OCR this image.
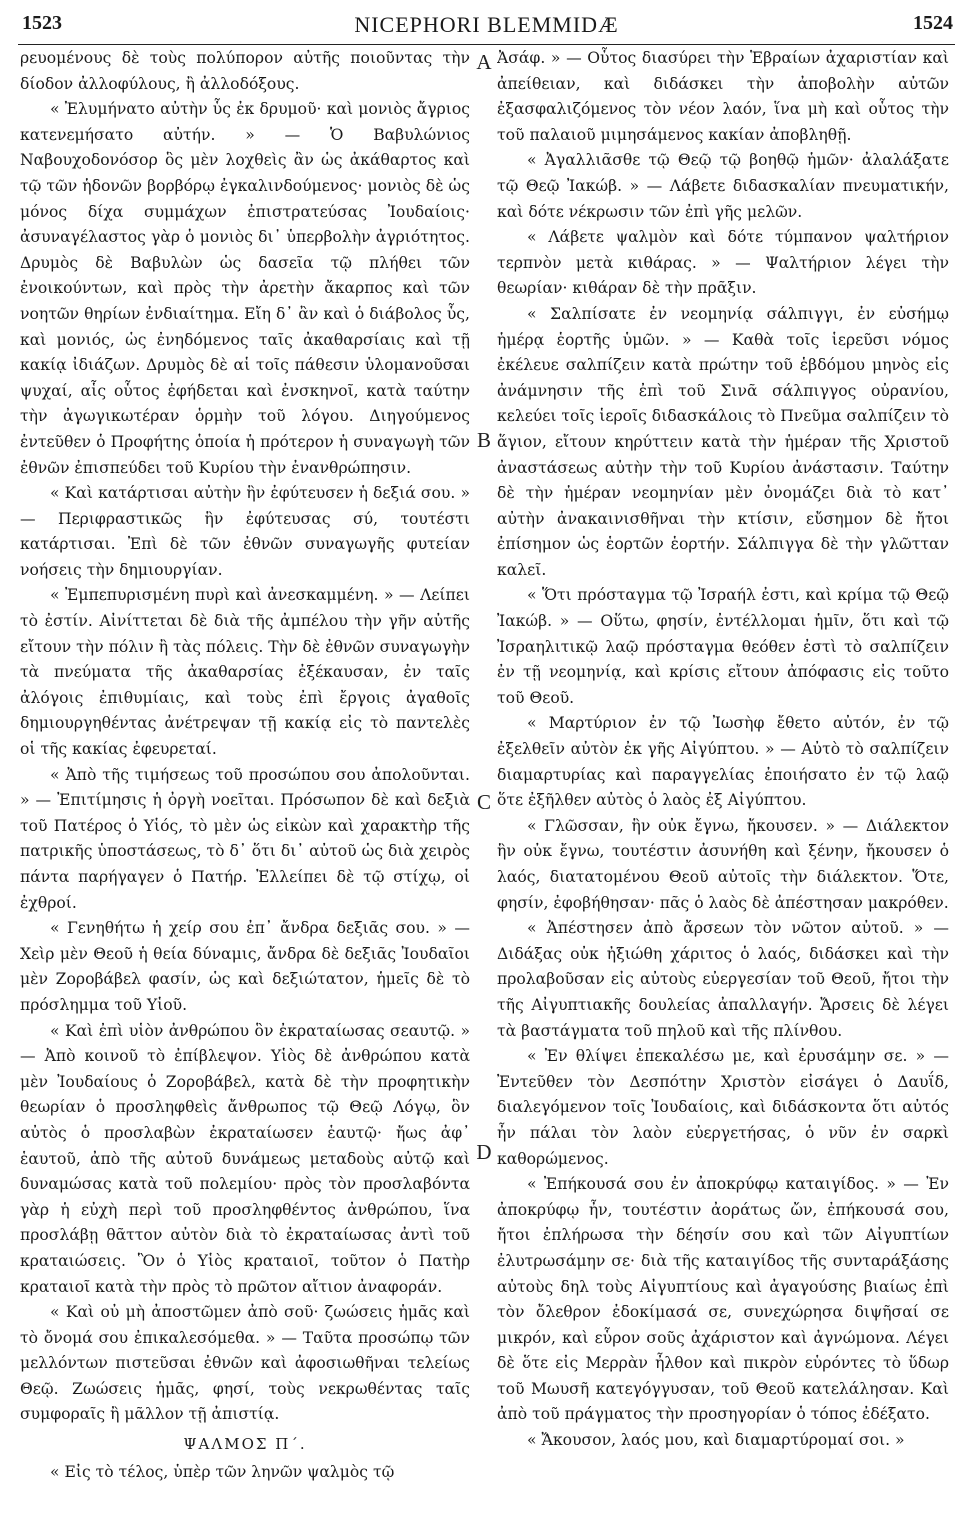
1523	NICEPHORI BLEMMIDÆ	1524

ρευομένους δὲ τοὺς πολύπορον αὐτῆς ποιοῦντας τὴν δίοδον ἀλλοφύλους, ἢ ἀλλοδόξους.

« Ἐλυμήνατο αὐτὴν ὗς ἐκ δρυμοῦ· καὶ μονιὸς ἄγριος κατενεμήσατο αὐτήν. » — Ὁ Βαβυλώνιος Ναβουχοδονόσορ ὃς μὲν λοχθεὶς ἂν ὡς ἀκάθαρτος καὶ τῷ τῶν ἡδονῶν βορβόρῳ ἐγκαλινδούμενος· μονιὸς δὲ ὡς μόνος δίχα συμμάχων ἐπιστρατεύσας Ἰουδαίοις· ἀσυναγέλαστος γὰρ ὁ μονιὸς δι᾿ ὑπερβολὴν ἀγριότητος. Δρυμὸς δὲ Βαβυλὼν ὡς δασεῖα τῷ πλήθει τῶν ἐνοικούντων, καὶ πρὸς τὴν ἀρετὴν ἄκαρπος καὶ τῶν νοητῶν θηρίων ἐνδιαίτημα. Εἴη δ᾿ ἂν καὶ ὁ διάβολος ὗς, καὶ μονιός, ὡς ἐνηδόμενος ταῖς ἀκαθαρσίαις καὶ τῇ κακίᾳ ἰδιάζων. Δρυμὸς δὲ αἱ τοῖς πάθεσιν ὑλομανοῦσαι ψυχαί, αἷς οὗτος ἐφήδεται καὶ ἐνσκηνοῖ, κατὰ ταύτην τὴν ἀγωγικωτέραν ὁρμὴν τοῦ λόγου. Διηγούμενος ἐντεῦθεν ὁ Προφήτης ὁποία ἡ πρότερον ἡ συναγωγὴ τῶν ἐθνῶν ἐπισπεύδει τοῦ Κυρίου τὴν ἐνανθρώπησιν.

« Καὶ κατάρτισαι αὐτὴν ἣν ἐφύτευσεν ἡ δεξιά σου. » — Περιφραστικῶς ἣν ἐφύτευσας σύ, τουτέστι κατάρτισαι. Ἐπὶ δὲ τῶν ἐθνῶν συναγωγῆς φυτείαν νοήσεις τὴν δημιουργίαν.

« Ἐμπεπυρισμένη πυρὶ καὶ ἀνεσκαμμένη. » — Λείπει τὸ ἐστίν. Αἰνίττεται δὲ διὰ τῆς ἀμπέλου τὴν γῆν αὐτῆς εἴτουν τὴν πόλιν ἢ τὰς πόλεις. Τὴν δὲ ἐθνῶν συναγωγὴν τὰ πνεύματα τῆς ἀκαθαρσίας ἐξέκαυσαν, ἐν ταῖς ἀλόγοις ἐπιθυμίαις, καὶ τοὺς ἐπὶ ἔργοις ἀγαθοῖς δημιουργηθέντας ἀνέτρεψαν τῇ κακίᾳ εἰς τὸ παντελὲς οἱ τῆς κακίας ἐφευρεταί.

« Ἀπὸ τῆς τιμήσεως τοῦ προσώπου σου ἀπολοῦνται. » — Ἐπιτίμησις ἡ ὀργὴ νοεῖται. Πρόσωπον δὲ καὶ δεξιὰ τοῦ Πατέρος ὁ Υἱός, τὸ μὲν ὡς εἰκὼν καὶ χαρακτὴρ τῆς πατρικῆς ὑποστάσεως, τὸ δ᾿ ὅτι δι᾿ αὐτοῦ ὡς διὰ χειρὸς πάντα παρήγαγεν ὁ Πατήρ. Ἐλλείπει δὲ τῷ στίχῳ, οἱ ἐχθροί.

« Γενηθήτω ἡ χείρ σου ἐπ᾿ ἄνδρα δεξιᾶς σου. » — Χεὶρ μὲν Θεοῦ ἡ θεία δύναμις, ἄνδρα δὲ δεξιᾶς Ἰουδαῖοι μὲν Ζοροβάβελ φασίν, ὡς καὶ δεξιώτατον, ἡμεῖς δὲ τὸ πρόσλημμα τοῦ Υἱοῦ.

« Καὶ ἐπὶ υἱὸν ἀνθρώπου ὃν ἐκραταίωσας σεαυτῷ. » — Ἀπὸ κοινοῦ τὸ ἐπίβλεψον. Υἱὸς δὲ ἀνθρώπου κατὰ μὲν Ἰουδαίους ὁ Ζοροβάβελ, κατὰ δὲ τὴν προφητικὴν θεωρίαν ὁ προσληφθεὶς ἄνθρωπος τῷ Θεῷ Λόγῳ, ὃν αὐτὸς ὁ προσλαβὼν ἐκραταίωσεν ἑαυτῷ· ἤως ἀφ᾿ ἑαυτοῦ, ἀπὸ τῆς αὐτοῦ δυνάμεως μεταδοὺς αὐτῷ καὶ δυναμώσας κατὰ τοῦ πολεμίου· πρὸς τὸν προσλαβόντα γὰρ ἡ εὐχὴ περὶ τοῦ προσληφθέντος ἀνθρώπου, ἵνα προσλάβῃ θᾶττον αὐτὸν διὰ τὸ ἐκραταίωσας ἀντὶ τοῦ κραταιώσεις. Ὃν ὁ Υἱὸς κραταιοῖ, τοῦτον ὁ Πατὴρ κραταιοῖ κατὰ τὴν πρὸς τὸ πρῶτον αἴτιον ἀναφοράν.

« Καὶ οὐ μὴ ἀποστῶμεν ἀπὸ σοῦ· ζωώσεις ἡμᾶς καὶ τὸ ὄνομά σου ἐπικαλεσόμεθα. » — Ταῦτα προσώπῳ τῶν μελλόντων πιστεῦσαι ἐθνῶν καὶ ἀφοσιωθῆναι τελείως Θεῷ. Ζωώσεις ἡμᾶς, φησί, τοὺς νεκρωθέντας ταῖς συμφοραῖς ἢ μᾶλλον τῇ ἀπιστίᾳ.

ΨΑΛΜΟΣ Π΄.

« Εἰς τὸ τέλος, ὑπὲρ τῶν ληνῶν ψαλμὸς τῷ

Ἀσάφ. » — Οὗτος διασύρει τὴν Ἑβραίων ἀχαριστίαν καὶ ἀπείθειαν, καὶ διδάσκει τὴν ἀποβολὴν αὐτῶν ἐξασφαλιζόμενος τὸν νέον λαόν, ἵνα μὴ καὶ οὗτος τὴν τοῦ παλαιοῦ μιμησάμενος κακίαν ἀποβληθῇ.

« Ἀγαλλιᾶσθε τῷ Θεῷ τῷ βοηθῷ ἡμῶν· ἀλαλάξατε τῷ Θεῷ Ἰακώβ. » — Λάβετε διδασκαλίαν πνευματικήν, καὶ δότε νέκρωσιν τῶν ἐπὶ γῆς μελῶν.

« Λάβετε ψαλμὸν καὶ δότε τύμπανον ψαλτήριον τερπνὸν μετὰ κιθάρας. » — Ψαλτήριον λέγει τὴν θεωρίαν· κιθάραν δὲ τὴν πρᾶξιν.

« Σαλπίσατε ἐν νεομηνίᾳ σάλπιγγι, ἐν εὐσήμῳ ἡμέρᾳ ἑορτῆς ὑμῶν. » — Καθὰ τοῖς ἱερεῦσι νόμος ἐκέλευε σαλπίζειν κατὰ πρώτην τοῦ ἑβδόμου μηνὸς εἰς ἀνάμνησιν τῆς ἐπὶ τοῦ Σινᾶ σάλπιγγος οὐρανίου, κελεύει τοῖς ἱεροῖς διδασκάλοις τὸ Πνεῦμα σαλπίζειν τὸ ἅγιον, εἴτουν κηρύττειν κατὰ τὴν ἡμέραν τῆς Χριστοῦ ἀναστάσεως αὐτὴν τὴν τοῦ Κυρίου ἀνάστασιν. Ταύτην δὲ τὴν ἡμέραν νεομηνίαν μὲν ὀνομάζει διὰ τὸ κατ᾿ αὐτὴν ἀνακαινισθῆναι τὴν κτίσιν, εὔσημον δὲ ἤτοι ἐπίσημον ὡς ἑορτῶν ἑορτήν. Σάλπιγγα δὲ τὴν γλῶτταν καλεῖ.

« Ὅτι πρόσταγμα τῷ Ἰσραήλ ἐστι, καὶ κρίμα τῷ Θεῷ Ἰακώβ. » — Οὕτω, φησίν, ἐντέλλομαι ἡμῖν, ὅτι καὶ τῷ Ἰσραηλιτικῷ λαῷ πρόσταγμα θεόθεν ἐστὶ τὸ σαλπίζειν ἐν τῇ νεομηνίᾳ, καὶ κρίσις εἴτουν ἀπόφασις εἰς τοῦτο τοῦ Θεοῦ.

« Μαρτύριον ἐν τῷ Ἰωσὴφ ἔθετο αὐτόν, ἐν τῷ ἐξελθεῖν αὐτὸν ἐκ γῆς Αἰγύπτου. » — Αὐτὸ τὸ σαλπίζειν διαμαρτυρίας καὶ παραγγελίας ἐποιήσατο ἐν τῷ λαῷ ὅτε ἐξῆλθεν αὐτὸς ὁ λαὸς ἐξ Αἰγύπτου.

« Γλῶσσαν, ἣν οὐκ ἔγνω, ἤκουσεν. » — Διάλεκτον ἣν οὐκ ἔγνω, τουτέστιν ἀσυνήθη καὶ ξένην, ἤκουσεν ὁ λαός, διατατομένου Θεοῦ αὐτοῖς τὴν διάλεκτον. Ὅτε, φησίν, ἐφοβήθησαν· πᾶς ὁ λαὸς δὲ ἀπέστησαν μακρόθεν.

« Ἀπέστησεν ἀπὸ ἄρσεων τὸν νῶτον αὐτοῦ. » — Διδάξας οὐκ ἠξιώθη χάριτος ὁ λαός, διδάσκει καὶ τὴν προλαβοῦσαν εἰς αὐτοὺς εὐεργεσίαν τοῦ Θεοῦ, ἤτοι τὴν τῆς Αἰγυπτιακῆς δουλείας ἀπαλλαγήν. Ἄρσεις δὲ λέγει τὰ βαστάγματα τοῦ πηλοῦ καὶ τῆς πλίνθου.

« Ἐν θλίψει ἐπεκαλέσω με, καὶ ἐρυσάμην σε. » — Ἐντεῦθεν τὸν Δεσπότην Χριστὸν εἰσάγει ὁ Δαυΐδ, διαλεγόμενον τοῖς Ἰουδαίοις, καὶ διδάσκοντα ὅτι αὐτός ἦν πάλαι τὸν λαὸν εὐεργετήσας, ὁ νῦν ἐν σαρκὶ καθορώμενος.

« Ἐπήκουσά σου ἐν ἀποκρύφῳ καταιγίδος. » — Ἐν ἀποκρύφῳ ἦν, τουτέστιν ἀοράτως ὤν, ἐπήκουσά σου, ἤτοι ἐπλήρωσα τὴν δέησίν σου καὶ τῶν Αἰγυπτίων ἐλυτρωσάμην σε· διὰ τῆς καταιγίδος τῆς συνταράξάσης αὐτοὺς δηλ τοὺς Αἰγυπτίους καὶ ἀγαγούσης βιαίως ἐπὶ τὸν ὄλεθρον ἐδοκίμασά σε, συνεχώρησα διψῆσαί σε μικρόν, καὶ εὗρον σοῦς ἀχάριστον καὶ ἀγνώμονα. Λέγει δὲ ὅτε εἰς Μερρὰν ἦλθον καὶ πικρὸν εὑρόντες τὸ ὕδωρ τοῦ Μωυσῆ κατεγόγγυσαν, τοῦ Θεοῦ κατελάλησαν. Καὶ ἀπὸ τοῦ πράγματος τὴν προσηγορίαν ὁ τόπος ἐδέξατο.

« Ἄκουσον, λαός μου, καὶ διαμαρτύρομαί σοι. »

A
B
C
D
